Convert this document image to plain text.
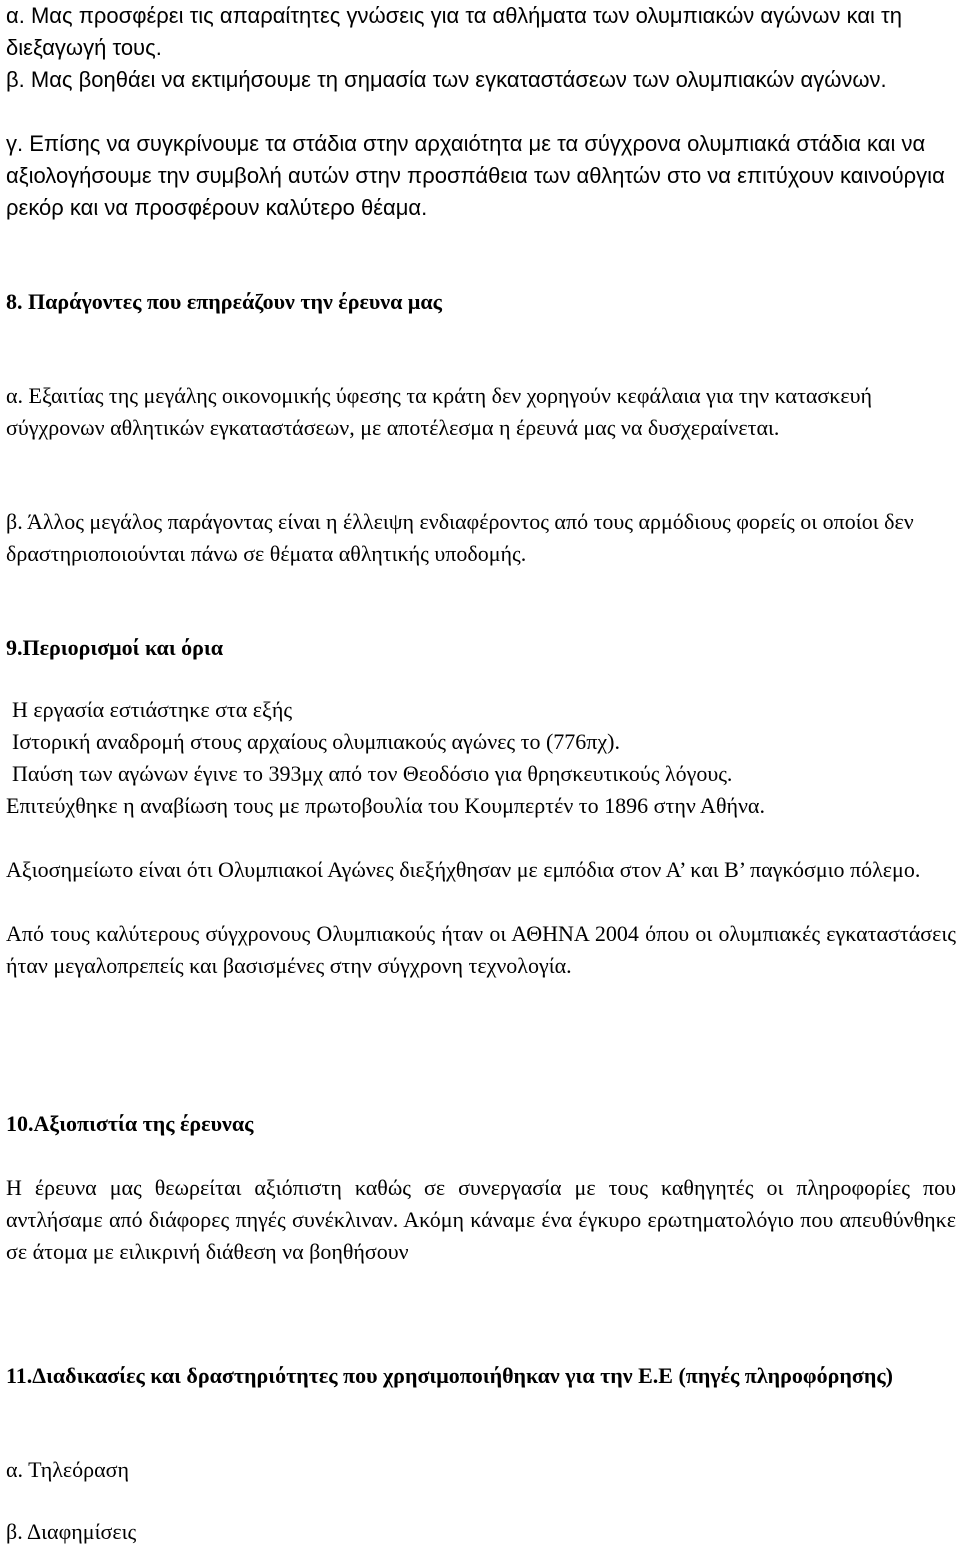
α. Μας προσφέρει τις απαραίτητες γνώσεις για τα αθλήματα των ολυμπιακών αγώνων και τη διεξαγωγή τους.

β. Μας βοηθάει να εκτιμήσουμε τη σημασία των εγκαταστάσεων των ολυμπιακών αγώνων.

γ. Επίσης να συγκρίνουμε τα στάδια στην αρχαιότητα με τα σύγχρονα ολυμπιακά στάδια και να αξιολογήσουμε την συμβολή αυτών στην προσπάθεια των αθλητών στο να επιτύχουν καινούργια ρεκόρ και να προσφέρουν καλύτερο θέαμα.

8. Παράγοντες που επηρεάζουν την έρευνα μας

α. Εξαιτίας της μεγάλης οικονομικής ύφεσης τα κράτη δεν χορηγούν κεφάλαια για την κατασκευή σύγχρονων αθλητικών εγκαταστάσεων, με αποτέλεσμα η έρευνά μας να δυσχεραίνεται.

β. Άλλος μεγάλος παράγοντας είναι η έλλειψη ενδιαφέροντος από τους αρμόδιους φορείς οι οποίοι δεν δραστηριοποιούνται πάνω σε θέματα αθλητικής υποδομής.

9.Περιορισμοί και όρια

Η εργασία εστιάστηκε στα εξής

Ιστορική αναδρομή στους αρχαίους ολυμπιακούς αγώνες το (776πχ).

Παύση των αγώνων έγινε το 393μχ από τον Θεοδόσιο για θρησκευτικούς λόγους.

Επιτεύχθηκε η αναβίωση τους με πρωτοβουλία του Κουμπερτέν το 1896 στην Αθήνα.

Αξιοσημείωτο είναι ότι Ολυμπιακοί Αγώνες διεξήχθησαν με εμπόδια στον Α’ και Β’ παγκόσμιο πόλεμο.

Από τους καλύτερους σύγχρονους Ολυμπιακούς ήταν οι ΑΘΗΝΑ 2004 όπου οι ολυμπιακές εγκαταστάσεις ήταν μεγαλοπρεπείς και βασισμένες στην σύγχρονη τεχνολογία.

10.Αξιοπιστία της έρευνας

Η έρευνα μας θεωρείται αξιόπιστη καθώς σε συνεργασία με τους καθηγητές οι πληροφορίες που αντλήσαμε από διάφορες πηγές συνέκλιναν. Ακόμη κάναμε ένα έγκυρο ερωτηματολόγιο που απευθύνθηκε σε άτομα με ειλικρινή διάθεση να βοηθήσουν

11.Διαδικασίες και δραστηριότητες που χρησιμοποιήθηκαν για την Ε.Ε (πηγές πληροφόρησης)

α. Τηλεόραση

β. Διαφημίσεις
